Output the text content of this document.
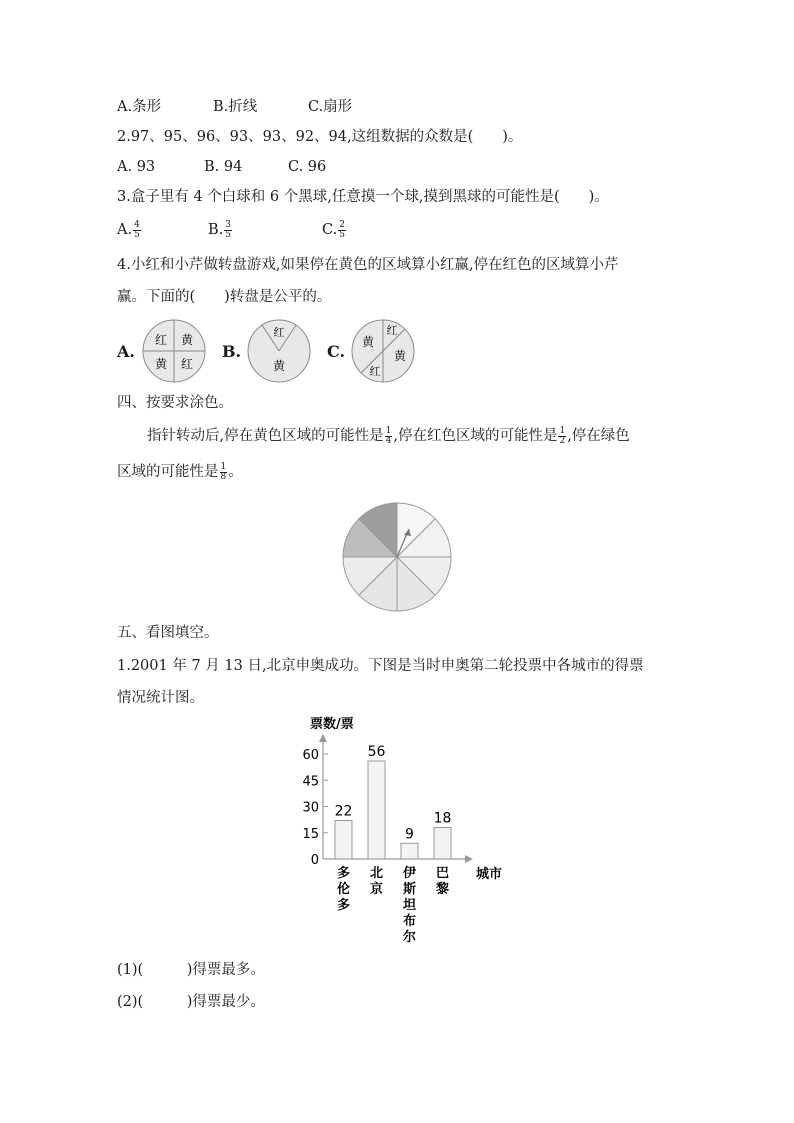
A.条形	B.折线	C.扇形
2.97、95、96、93、93、92、94,这组数据的众数是(　　)。
A. 93	B. 94	C. 96
3.盒子里有 4 个白球和 6 个黑球,任意摸一个球,摸到黑球的可能性是(　　)。
A. $\frac{4}{5}$	B. $\frac{3}{5}$	C. $\frac{2}{5}$
4.小红和小芹做转盘游戏,如果停在黄色的区域算小红赢,停在红色的区域算小芹
赢。下面的(　　)转盘是公平的。
A.	B.	C.
红 黄
黄 红
红
黄
红
黄
黄
红
四、按要求涂色。
指针转动后,停在黄色区域的可能性是 $\frac{1}{4}$ ,停在红色区域的可能性是 $\frac{1}{2}$ ,停在绿色
区域的可能性是 $\frac{1}{8}$ 。
五、看图填空。
1.2001 年 7 月 13 日,北京申奥成功。下图是当时申奥第二轮投票中各城市的得票
情况统计图。
票数/票
城市
0
15
30
45
60
22
56
9
18
多伦多
北京
伊斯坦布尔
巴黎
(1)(　　　)得票最多。
(2)(　　　)得票最少。
